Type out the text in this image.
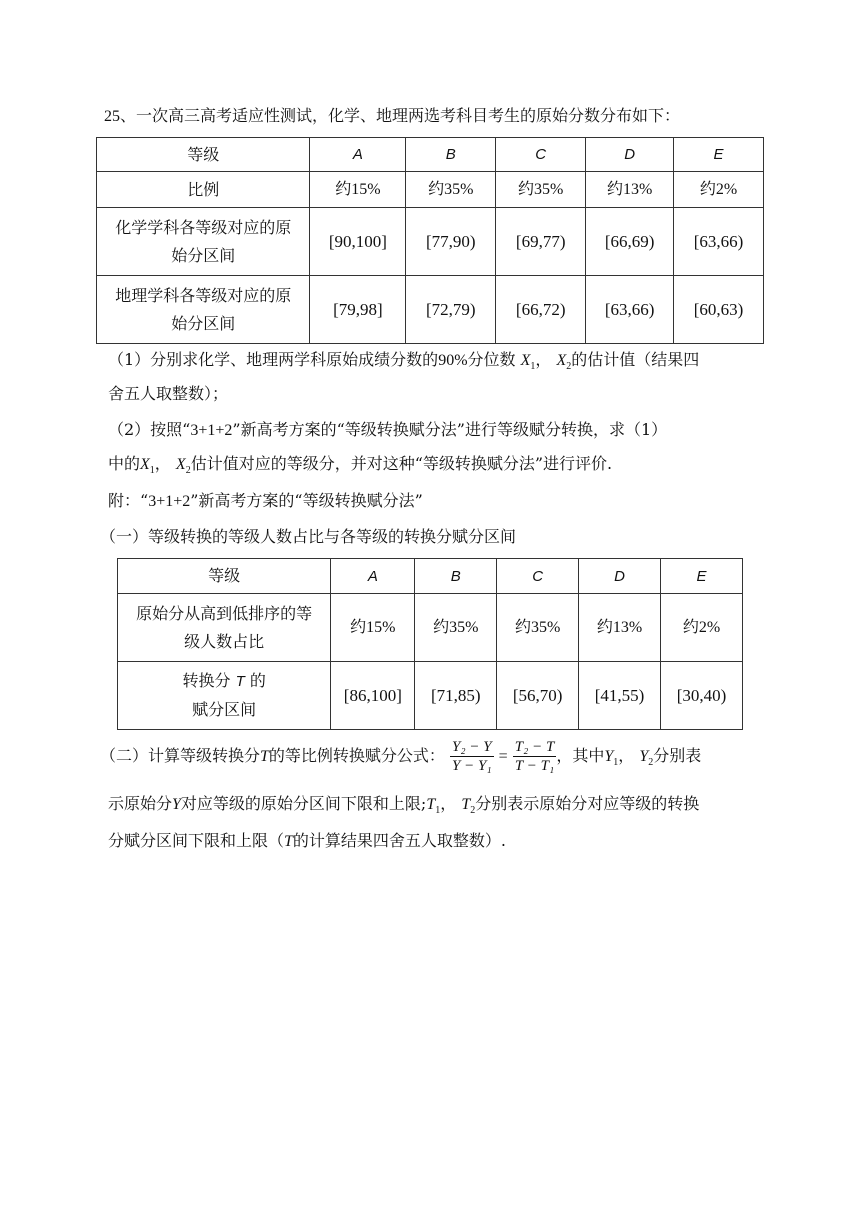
25、一次高三高考适应性测试，化学、地理两选考科目考生的原始分数分布如下：
等级	A	B	C	D	E
比例	约15%	约35%	约35%	约13%	约2%

化学学科各等级对应的原
始分区间	[90,100]	[77,90)	[69,77)	[66,69)	[63,66)

地理学科各等级对应的原
始分区间	[79,98]	[72,79)	[66,72)	[63,66)	[60,63)
（1）分别求化学、地理两学科原始成绩分数的90%分位数 $X_1$， $X_2$的估计值（结果四
舍五人取整数）；
（2）按照“3+1+2”新高考方案的“等级转换赋分法”进行等级赋分转换，求（1）
中的$X_1$， $X_2$估计值对应的等级分，并对这种“等级转换赋分法”进行评价.
附：“3+1+2”新高考方案的“等级转换赋分法”
（一）等级转换的等级人数占比与各等级的转换分赋分区间
等级	A	B	C	D	E

原始分从高到低排序的等
级人数占比	约15%	约35%	约35%	约13%	约2%

转换分 T 的
赋分区间	[86,100]	[71,85)	[56,70)	[41,55)	[30,40)
（二）计算等级转换分T的等比例转换赋分公式： $\frac{\text{Y₂ − Y}}{\text{Y − Y₁}} = \frac{\text{T₂ − T}}{\text{T − T₁}}$ ，其中$Y_1$， $Y_2$分别表
示原始分Y对应等级的原始分区间下限和上限$;T_1$， $T_2$分别表示原始分对应等级的转换
分赋分区间下限和上限（T的计算结果四舍五人取整数）.
